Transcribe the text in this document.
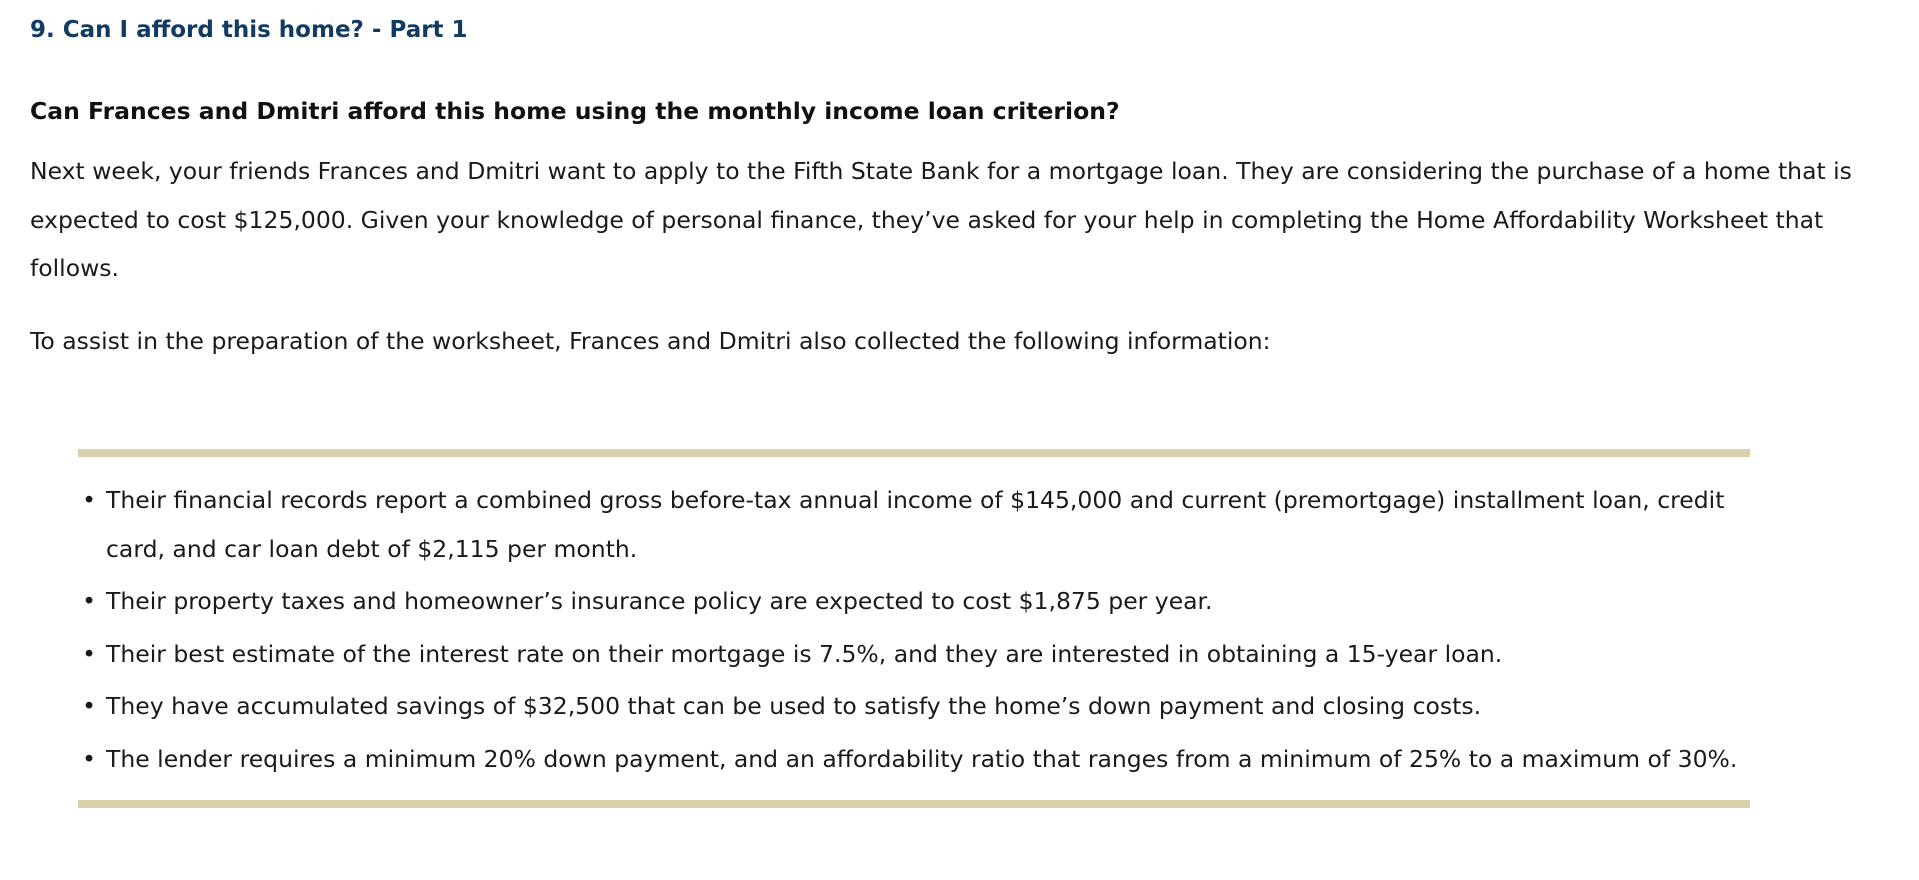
9. Can I afford this home? - Part 1
Can Frances and Dmitri afford this home using the monthly income loan criterion?

Next week, your friends Frances and Dmitri want to apply to the Fifth State Bank for a mortgage loan. They are considering the purchase of a home that is expected to cost $125,000. Given your knowledge of personal finance, they’ve asked for your help in completing the Home Affordability Worksheet that follows.

To assist in the preparation of the worksheet, Frances and Dmitri also collected the following information:

• Their financial records report a combined gross before-tax annual income of $145,000 and current (premortgage) installment loan, credit card, and car loan debt of $2,115 per month.
• Their property taxes and homeowner’s insurance policy are expected to cost $1,875 per year.
• Their best estimate of the interest rate on their mortgage is 7.5%, and they are interested in obtaining a 15-year loan.
• They have accumulated savings of $32,500 that can be used to satisfy the home’s down payment and closing costs.
• The lender requires a minimum 20% down payment, and an affordability ratio that ranges from a minimum of 25% to a maximum of 30%.
